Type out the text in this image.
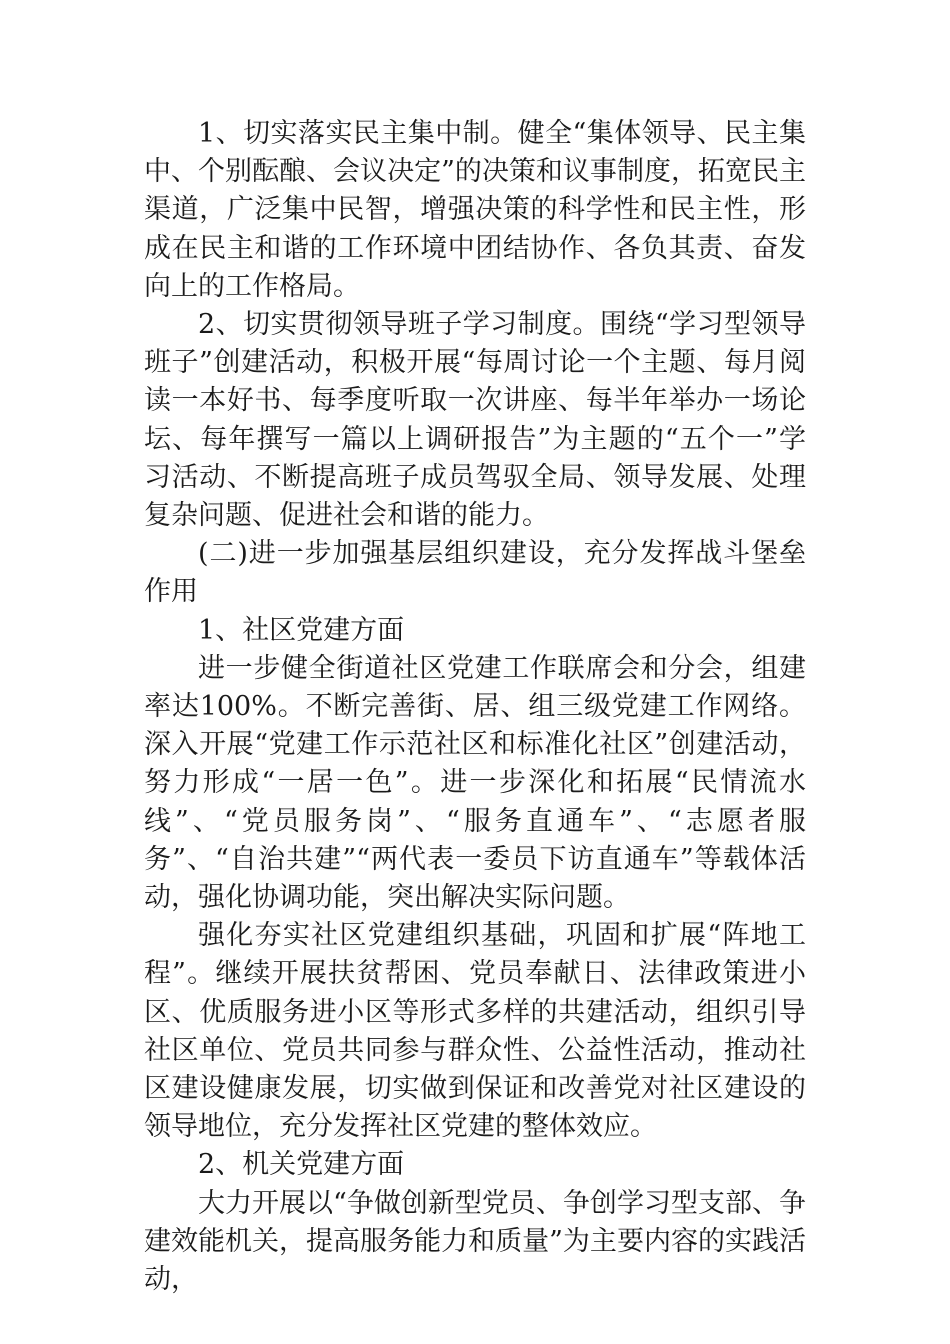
1、切实落实民主集中制。健全“集体领导、民主集中、个别酝酿、会议决定”的决策和议事制度，拓宽民主渠道，广泛集中民智，增强决策的科学性和民主性，形成在民主和谐的工作环境中团结协作、各负其责、奋发向上的工作格局。

2、切实贯彻领导班子学习制度。围绕“学习型领导班子”创建活动，积极开展“每周讨论一个主题、每月阅读一本好书、每季度听取一次讲座、每半年举办一场论坛、每年撰写一篇以上调研报告”为主题的“五个一”学习活动、不断提高班子成员驾驭全局、领导发展、处理复杂问题、促进社会和谐的能力。

(二)进一步加强基层组织建设，充分发挥战斗堡垒作用

1、社区党建方面

进一步健全街道社区党建工作联席会和分会，组建率达100%。不断完善街、居、组三级党建工作网络。深入开展“党建工作示范社区和标准化社区”创建活动，努力形成“一居一色”。进一步深化和拓展“民情流水线”、“党员服务岗”、“服务直通车”、“志愿者服务”、“自治共建”“两代表一委员下访直通车”等载体活动，强化协调功能，突出解决实际问题。

强化夯实社区党建组织基础，巩固和扩展“阵地工程”。继续开展扶贫帮困、党员奉献日、法律政策进小区、优质服务进小区等形式多样的共建活动，组织引导社区单位、党员共同参与群众性、公益性活动，推动社区建设健康发展，切实做到保证和改善党对社区建设的领导地位，充分发挥社区党建的整体效应。

2、机关党建方面

大力开展以“争做创新型党员、争创学习型支部、争建效能机关，提高服务能力和质量”为主要内容的实践活动，
